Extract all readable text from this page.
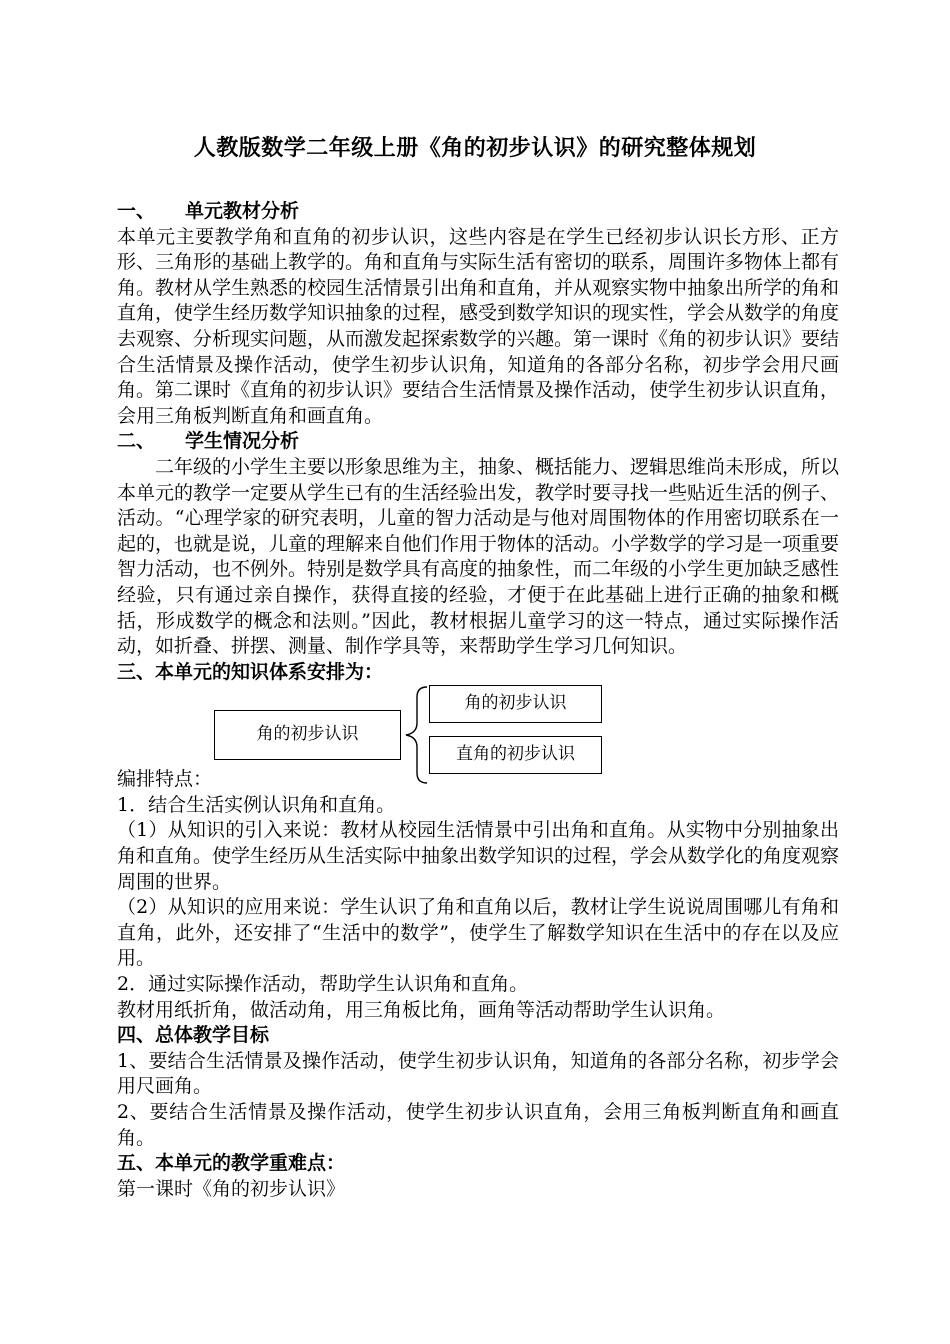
人教版数学二年级上册《角的初步认识》的研究整体规划

一、 单元教材分析

本单元主要教学角和直角的初步认识，这些内容是在学生已经初步认识长方形、正方形、三角形的基础上教学的。角和直角与实际生活有密切的联系，周围许多物体上都有角。教材从学生熟悉的校园生活情景引出角和直角，并从观察实物中抽象出所学的角和直角，使学生经历数学知识抽象的过程，感受到数学知识的现实性，学会从数学的角度去观察、分析现实问题，从而激发起探索数学的兴趣。第一课时《角的初步认识》要结合生活情景及操作活动，使学生初步认识角，知道角的各部分名称，初步学会用尺画角。第二课时《直角的初步认识》要结合生活情景及操作活动，使学生初步认识直角，会用三角板判断直角和画直角。

二、 学生情况分析

二年级的小学生主要以形象思维为主，抽象、概括能力、逻辑思维尚未形成，所以本单元的教学一定要从学生已有的生活经验出发，教学时要寻找一些贴近生活的例子、活动。“心理学家的研究表明，儿童的智力活动是与他对周围物体的作用密切联系在一起的，也就是说，儿童的理解来自他们作用于物体的活动。小学数学的学习是一项重要智力活动，也不例外。特别是数学具有高度的抽象性，而二年级的小学生更加缺乏感性经验，只有通过亲自操作，获得直接的经验，才便于在此基础上进行正确的抽象和概括，形成数学的概念和法则。”因此，教材根据儿童学习的这一特点，通过实际操作活动，如折叠、拼摆、测量、制作学具等，来帮助学生学习几何知识。

三、本单元的知识体系安排为：

角的初步认识
角的初步认识
直角的初步认识

编排特点：

1．结合生活实例认识角和直角。

（1）从知识的引入来说：教材从校园生活情景中引出角和直角。从实物中分别抽象出角和直角。使学生经历从生活实际中抽象出数学知识的过程，学会从数学化的角度观察周围的世界。

（2）从知识的应用来说：学生认识了角和直角以后，教材让学生说说周围哪儿有角和直角，此外，还安排了“生活中的数学”，使学生了解数学知识在生活中的存在以及应用。

2．通过实际操作活动，帮助学生认识角和直角。

教材用纸折角，做活动角，用三角板比角，画角等活动帮助学生认识角。

四、总体教学目标

1、要结合生活情景及操作活动，使学生初步认识角，知道角的各部分名称，初步学会用尺画角。

2、要结合生活情景及操作活动，使学生初步认识直角，会用三角板判断直角和画直角。

五、本单元的教学重难点：

第一课时《角的初步认识》
